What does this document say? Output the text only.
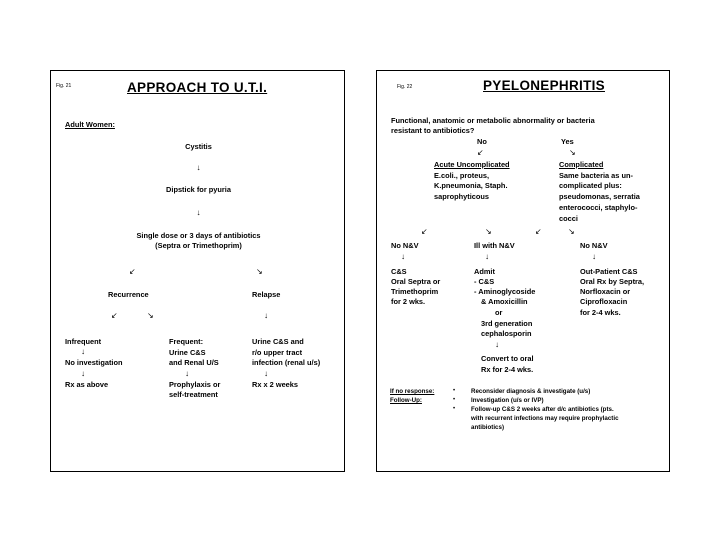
Fig. 21	APPROACH TO U.T.I.
Adult Women:
Cystitis
↓
Dipstick for pyuria
↓
Single dose or 3 days of antibiotics
(Septra or Trimethoprim)
↙	↘
Recurrence	Relapse
↙	↘	↓
Infrequent
↓
No investigation
↓
Rx as above
Frequent:
Urine C&S
and Renal U/S
↓
Prophylaxis or
self-treatment
Urine C&S and
r/o upper tract
infection (renal u/s)
↓
Rx x 2 weeks
Fig. 22	PYELONEPHRITIS
Functional, anatomic or metabolic abnormality or bacteria
resistant to antibiotics?
No	Yes
↙	↘
Acute Uncomplicated
E.coli., proteus,
K.pneumonia, Staph.
saprophyticous
Complicated
Same bacteria as un-
complicated plus:
pseudomonas, serratia
enterococci, staphylo-
cocci
↙	↘	↙	↘
No N&V
↓
C&S
Oral Septra or
Trimethoprim
for 2 wks.
Ill with N&V
↓
Admit
- C&S
- Aminoglycoside
& Amoxicillin
or
3rd generation
cephalosporin
↓
Convert to oral
Rx for 2-4 wks.
No N&V
↓
Out-Patient C&S
Oral Rx by Septra,
Norfloxacin or
Ciprofloxacin
for 2-4 wks.
If no response:
Follow-Up:
•
•
•
Reconsider diagnosis & investigate (u/s)
Investigation (u/s or IVP)
Follow-up C&S 2 weeks after d/c antibiotics (pts.
with recurrent infections may require prophylactic
antibiotics)
